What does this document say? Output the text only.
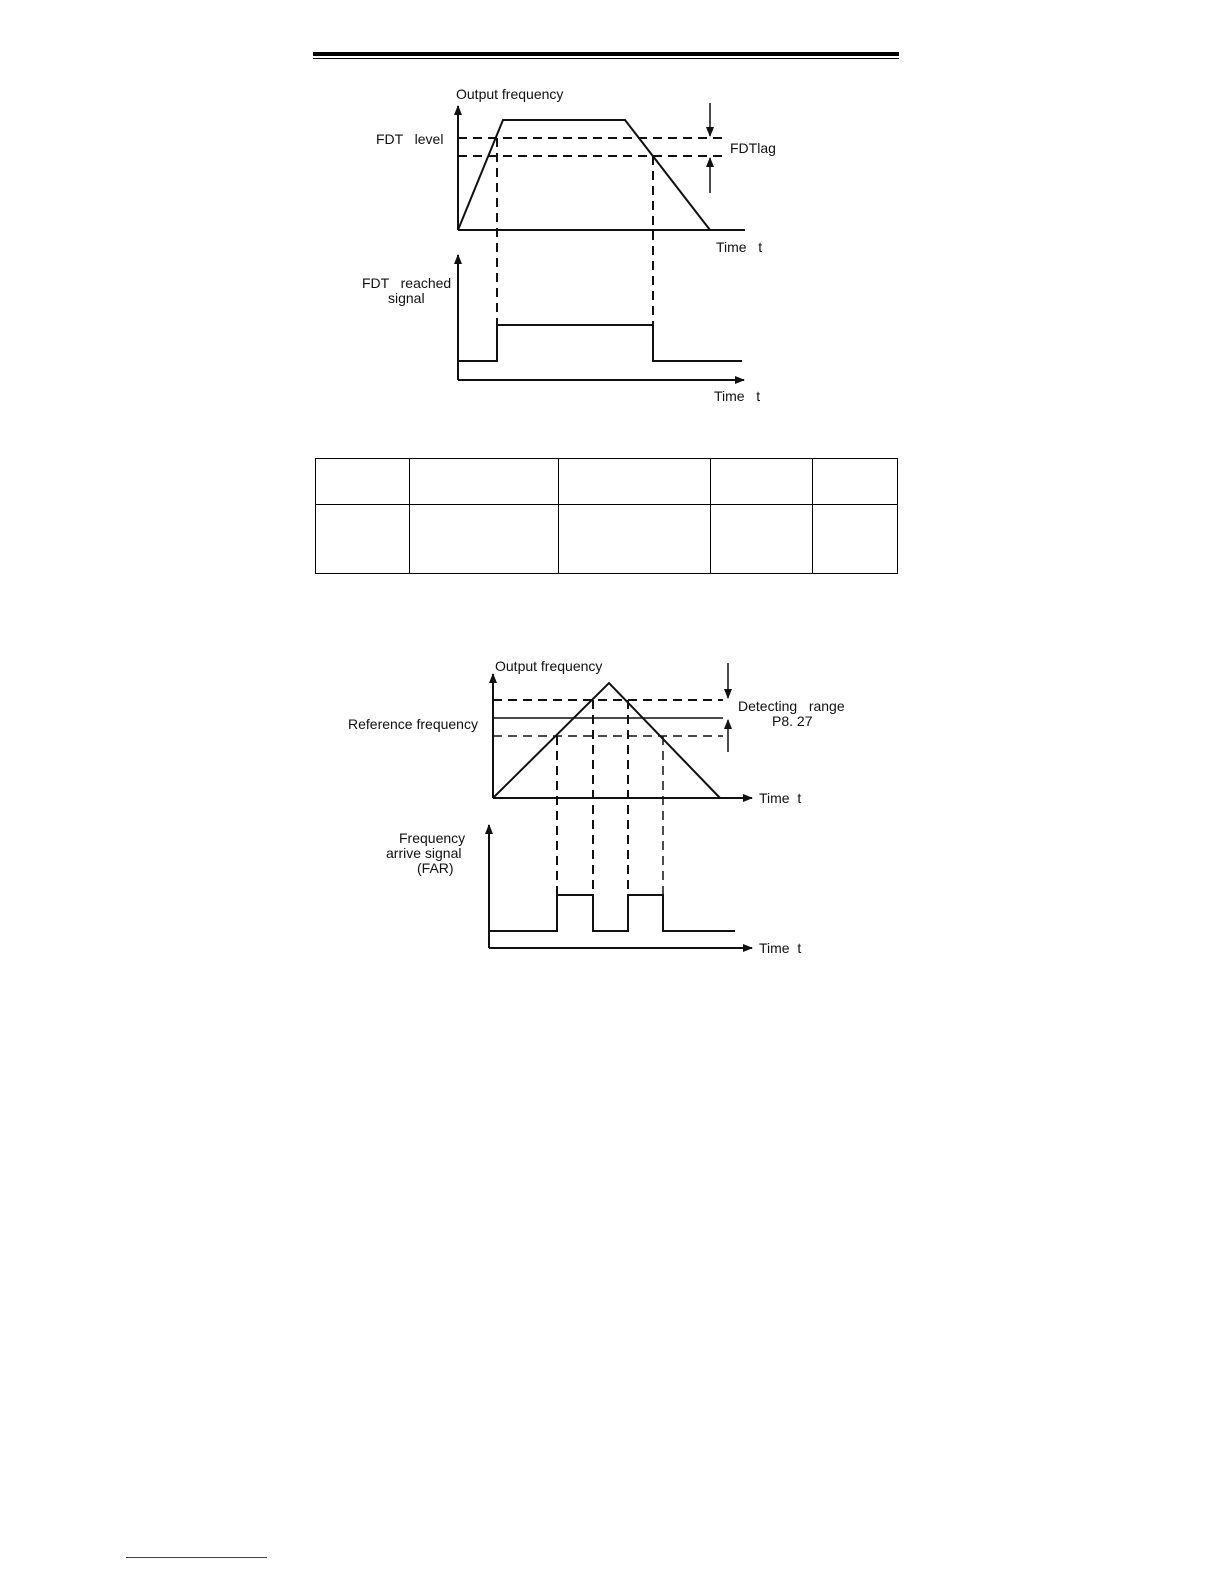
Output frequency
FDT   level
FDTlag
Time   t
FDT   reached
signal
Time   t

Output frequency
Reference frequency
Detecting   range
P8. 27
Time  t
Frequency
arrive signal
(FAR)
Time  t
